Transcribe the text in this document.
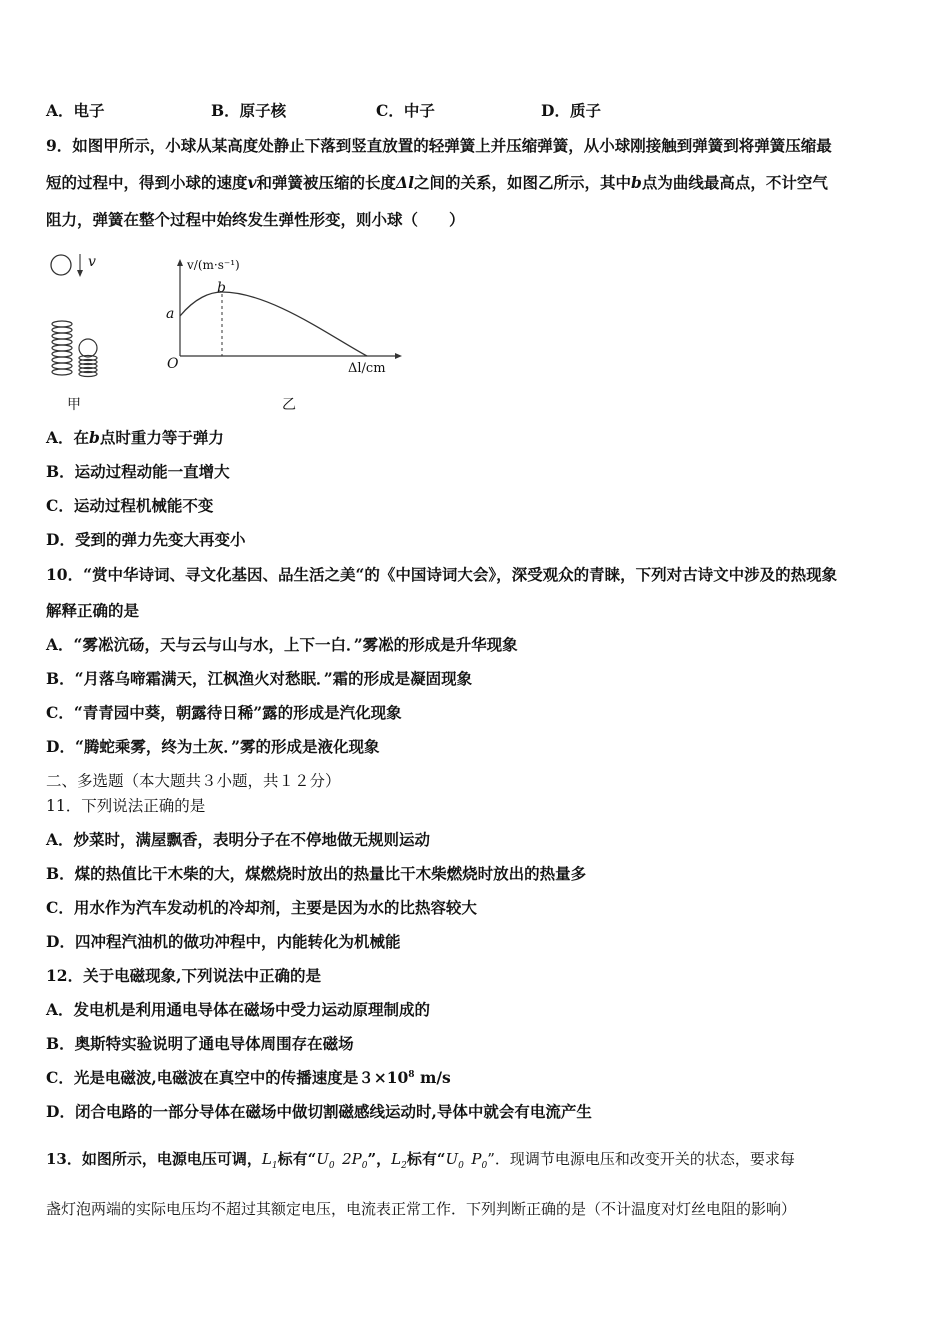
A．电子	B．原子核	C．中子	D．质子
9．如图甲所示，小球从某高度处静止下落到竖直放置的轻弹簧上并压缩弹簧，从小球刚接触到弹簧到将弹簧压缩最
短的过程中，得到小球的速度v和弹簧被压缩的长度Δl之间的关系，如图乙所示，其中b点为曲线最高点，不计空气
阻力，弹簧在整个过程中始终发生弹性形变，则小球（　　）
v	v/(m·s⁻¹)
a
b
O	Δl/cm
甲	乙
A．在b点时重力等于弹力
B．运动过程动能一直增大
C．运动过程机械能不变
D．受到的弹力先变大再变小
10．“赏中华诗词、寻文化基因、品生活之美“的《中国诗词大会》，深受观众的青睐，下列对古诗文中涉及的热现象
解释正确的是
A．“雾凇沆砀，天与云与山与水，上下一白．”雾凇的形成是升华现象
B．“月落乌啼霜满天，江枫渔火对愁眠．”霜的形成是凝固现象
C．“青青园中葵，朝露待日稀”露的形成是汽化现象
D．“腾蛇乘雾，终为土灰．”雾的形成是液化现象
二、多选题（本大题共３小题，共１２分）
11．下列说法正确的是
A．炒菜时，满屋飘香，表明分子在不停地做无规则运动
B．煤的热值比干木柴的大，煤燃烧时放出的热量比干木柴燃烧时放出的热量多
C．用水作为汽车发动机的冷却剂，主要是因为水的比热容较大
D．四冲程汽油机的做功冲程中，内能转化为机械能
12．关于电磁现象,下列说法中正确的是
A．发电机是利用通电导体在磁场中受力运动原理制成的
B．奥斯特实验说明了通电导体周围存在磁场
C．光是电磁波,电磁波在真空中的传播速度是$3\times 10^8$ m/s
D．闭合电路的一部分导体在磁场中做切割磁感线运动时,导体中就会有电流产生
13．如图所示，电源电压可调，$L_1$标有“$U_0$  $2P_0$”，$L_2$标有“$U_0$  $P_0$”．现调节电源电压和改变开关的状态，要求每
盏灯泡两端的实际电压均不超过其额定电压，电流表正常工作．下列判断正确的是（不计温度对灯丝电阻的影响）
